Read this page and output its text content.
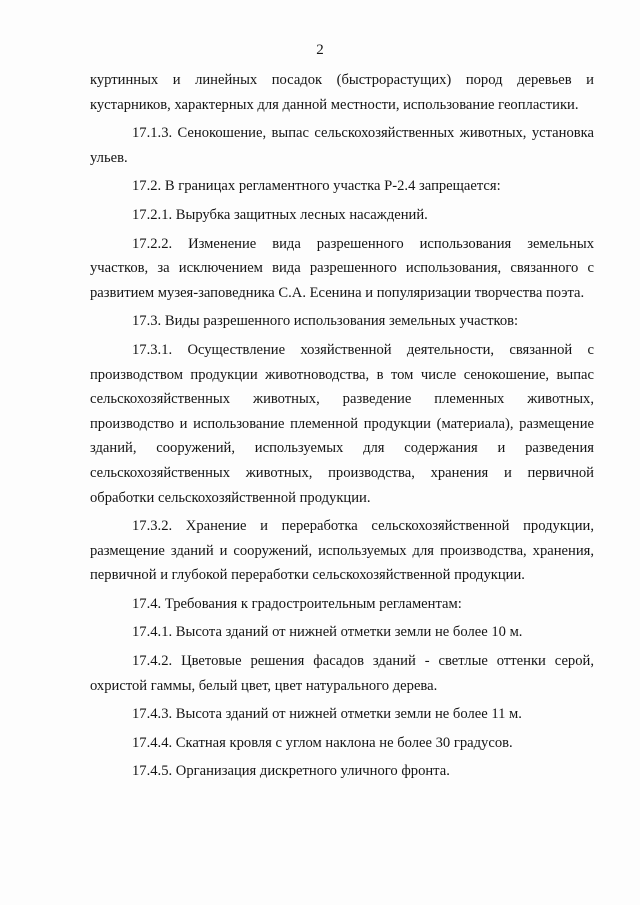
2

куртинных и линейных посадок (быстрорастущих) пород деревьев и кустарников, характерных для данной местности, использование геопластики.

17.1.3. Сенокошение, выпас сельскохозяйственных животных, установка ульев.

17.2. В границах регламентного участка Р-2.4 запрещается:

17.2.1. Вырубка защитных лесных насаждений.

17.2.2. Изменение вида разрешенного использования земельных участков, за исключением вида разрешенного использования, связанного с развитием музея-заповедника С.А. Есенина и популяризации творчества поэта.

17.3. Виды разрешенного использования земельных участков:

17.3.1. Осуществление хозяйственной деятельности, связанной с производством продукции животноводства, в том числе сенокошение, выпас сельскохозяйственных животных, разведение племенных животных, производство и использование племенной продукции (материала), размещение зданий, сооружений, используемых для содержания и разведения сельскохозяйственных животных, производства, хранения и первичной обработки сельскохозяйственной продукции.

17.3.2. Хранение и переработка сельскохозяйственной продукции, размещение зданий и сооружений, используемых для производства, хранения, первичной и глубокой переработки сельскохозяйственной продукции.

17.4. Требования к градостроительным регламентам:

17.4.1. Высота зданий от нижней отметки земли не более 10 м.

17.4.2. Цветовые решения фасадов зданий - светлые оттенки серой, охристой гаммы, белый цвет, цвет натурального дерева.

17.4.3. Высота зданий от нижней отметки земли не более 11 м.

17.4.4. Скатная кровля с углом наклона не более 30 градусов.

17.4.5. Организация дискретного уличного фронта.
